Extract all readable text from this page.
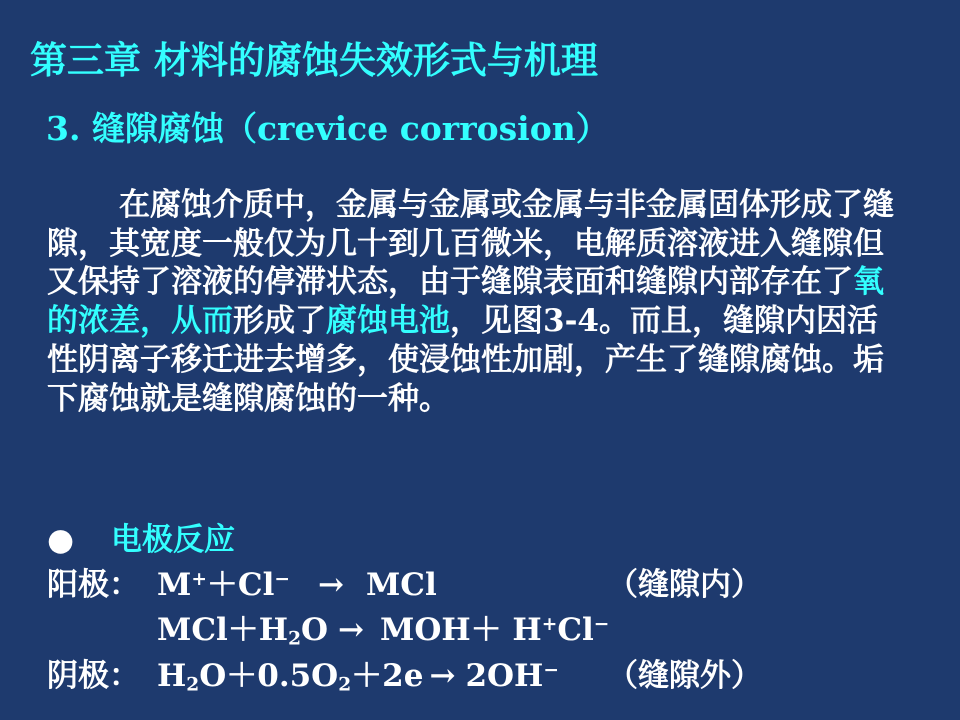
第三章 材料的腐蚀失效形式与机理
3. 缝隙腐蚀（crevice corrosion）

在腐蚀介质中，金属与金属或金属与非金属固体形成了缝隙，其宽度一般仅为几十到几百微米，电解质溶液进入缝隙但又保持了溶液的停滞状态，由于缝隙表面和缝隙内部存在了氧的浓差，从而形成了腐蚀电池，见图3-4。而且，缝隙内因活性阴离子移迁进去增多，使浸蚀性加剧，产生了缝隙腐蚀。垢下腐蚀就是缝隙腐蚀的一种。

● 电极反应
阳极： M+＋Cl− → MCl	（缝隙内）
$MCl+H_2O \to MOH+ H^+Cl^-$
阴极： $H_2O+0.5O_2+2e \to 2OH^-$ （缝隙外）
